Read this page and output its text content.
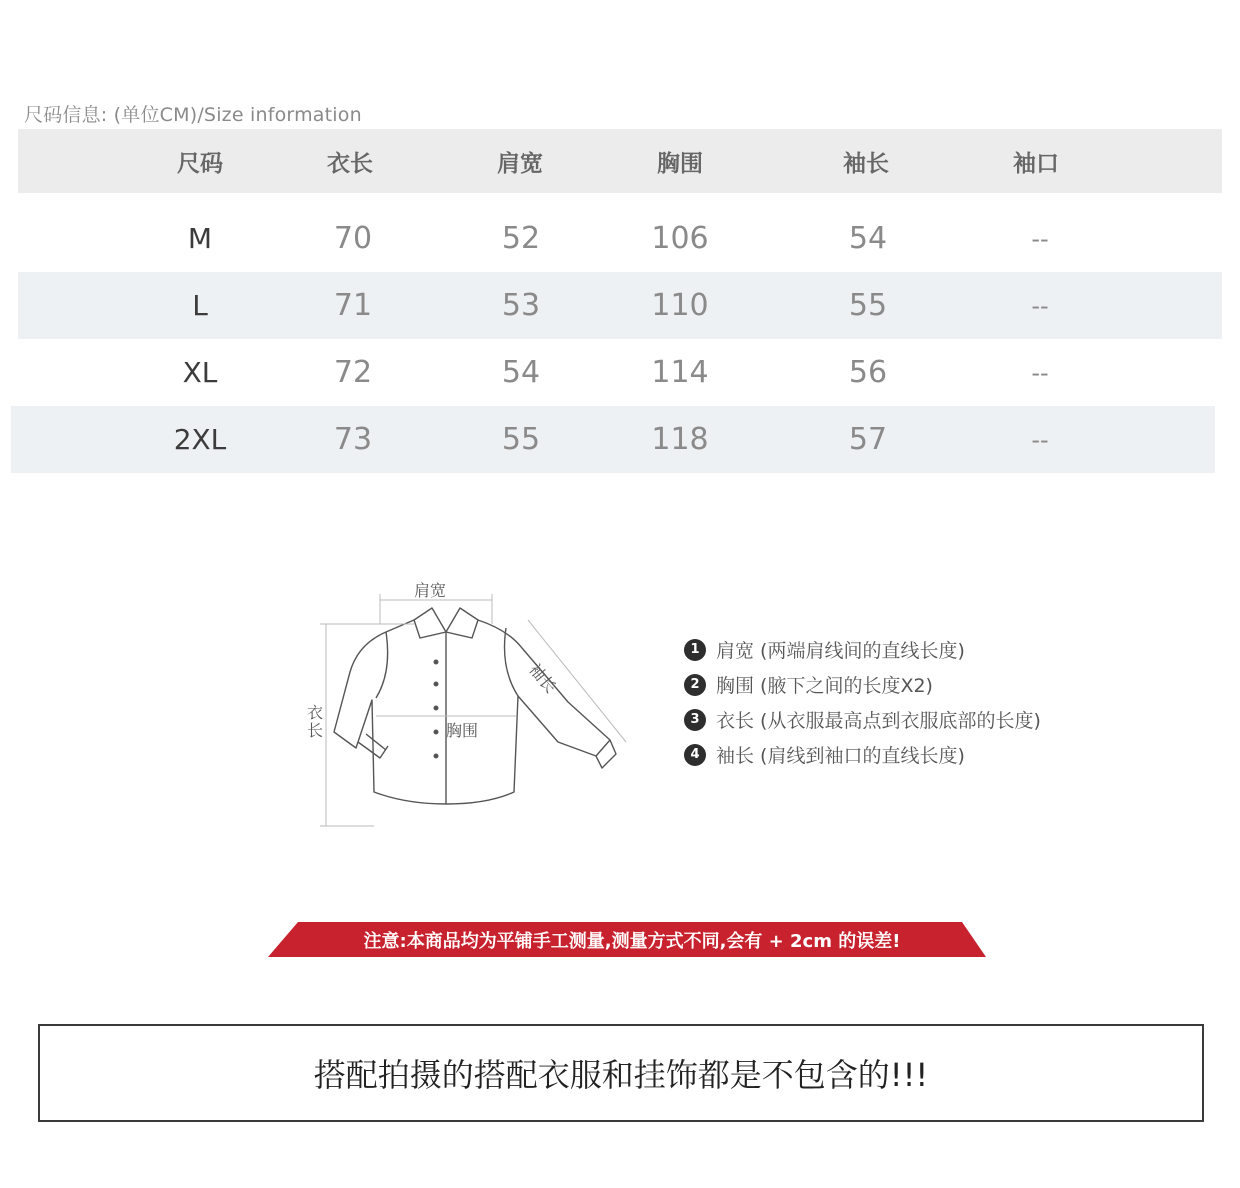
尺码信息: (单位CM)/Size information
尺码	衣长	肩宽	胸围	袖长	袖口
M	70	52	106	54	--
L	71	53	110	55	--
XL	72	54	114	56	--
2XL	73	55	118	57	--
肩宽
袖长
衣长	胸围
1 肩宽 (两端肩线间的直线长度)
2 胸围 (腋下之间的长度X2)
3 衣长 (从衣服最高点到衣服底部的长度)
4 袖长 (肩线到袖口的直线长度)
注意:本商品均为平铺手工测量,测量方式不同,会有 + 2cm 的误差!
搭配拍摄的搭配衣服和挂饰都是不包含的!!!
